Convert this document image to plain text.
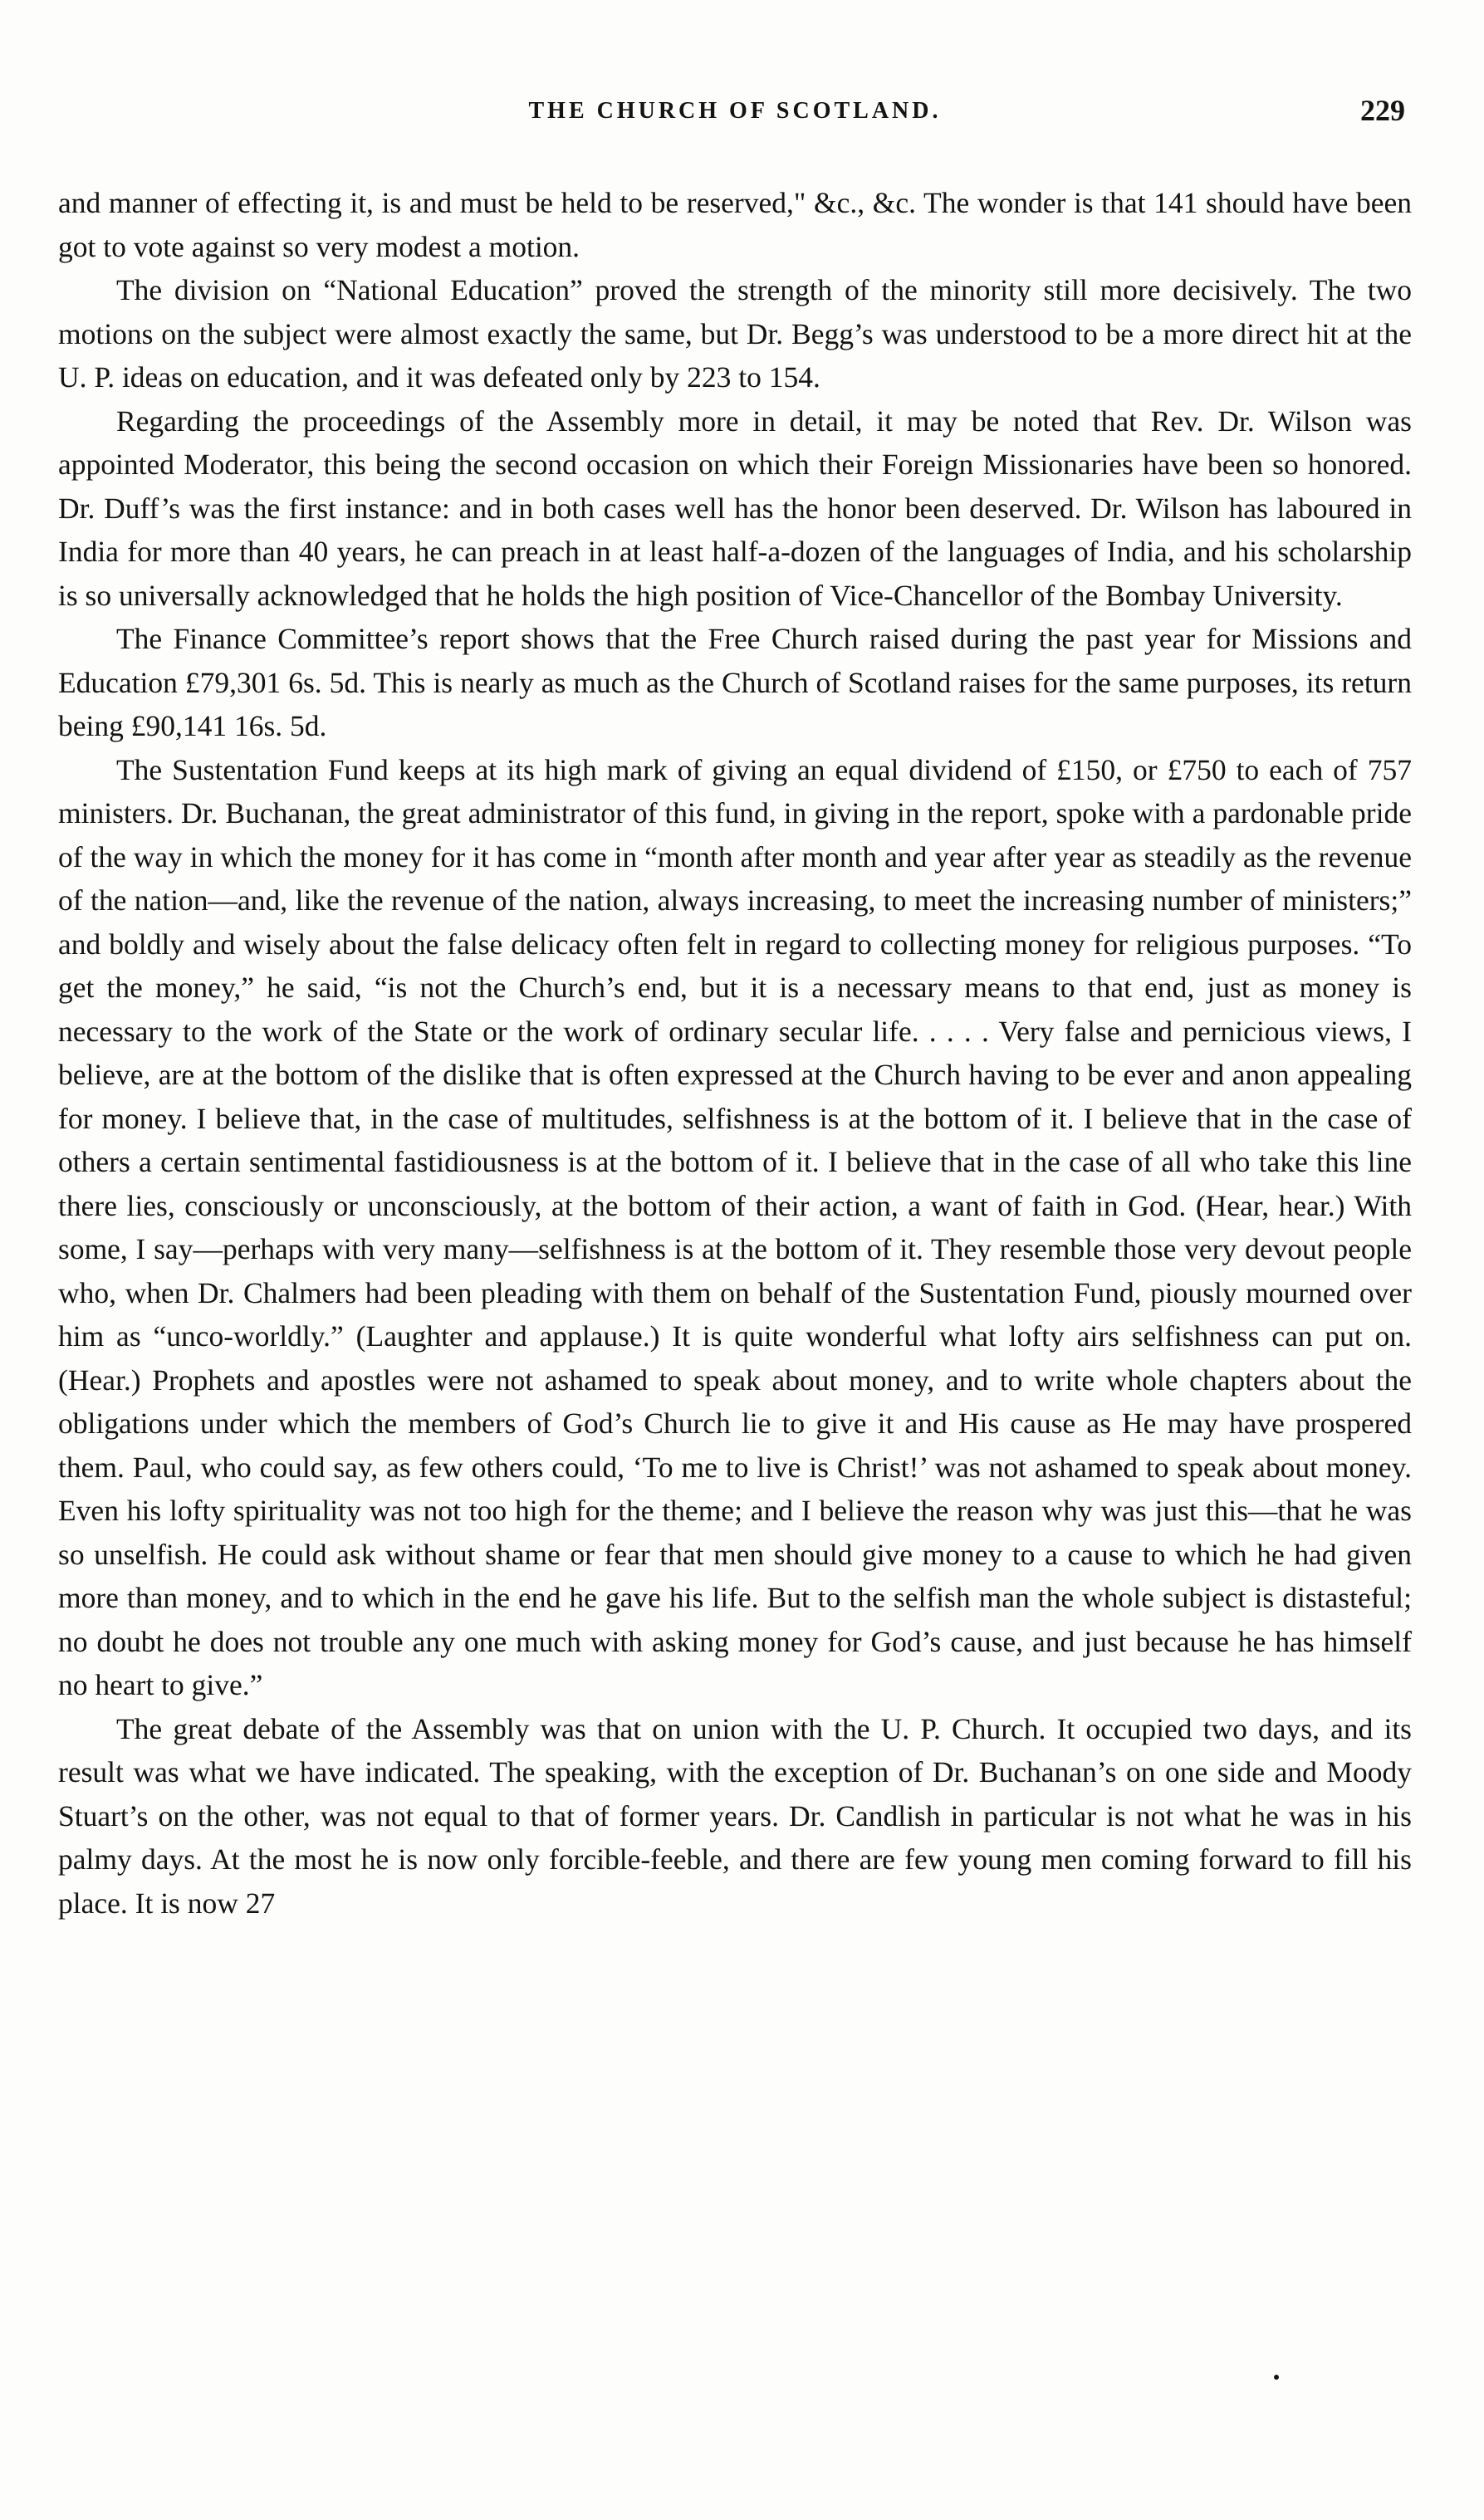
THE CHURCH OF SCOTLAND.	229

and manner of effecting it, is and must be held to be reserved," &c., &c. The wonder is that 141 should have been got to vote against so very modest a motion.

The division on “National Education” proved the strength of the minority still more decisively. The two motions on the subject were almost exactly the same, but Dr. Begg’s was understood to be a more direct hit at the U. P. ideas on education, and it was defeated only by 223 to 154.

Regarding the proceedings of the Assembly more in detail, it may be noted that Rev. Dr. Wilson was appointed Moderator, this being the second occasion on which their Foreign Missionaries have been so honored. Dr. Duff’s was the first instance: and in both cases well has the honor been deserved. Dr. Wilson has laboured in India for more than 40 years, he can preach in at least half-a-dozen of the languages of India, and his scholarship is so universally acknowledged that he holds the high position of Vice-Chancellor of the Bombay University.

The Finance Committee’s report shows that the Free Church raised during the past year for Missions and Education £79,301 6s. 5d. This is nearly as much as the Church of Scotland raises for the same purposes, its return being £90,141 16s. 5d.

The Sustentation Fund keeps at its high mark of giving an equal dividend of £150, or £750 to each of 757 ministers. Dr. Buchanan, the great administrator of this fund, in giving in the report, spoke with a pardonable pride of the way in which the money for it has come in “month after month and year after year as steadily as the revenue of the nation—and, like the revenue of the nation, always increasing, to meet the increasing number of ministers;” and boldly and wisely about the false delicacy often felt in regard to collecting money for religious purposes. “To get the money,” he said, “is not the Church’s end, but it is a necessary means to that end, just as money is necessary to the work of the State or the work of ordinary secular life. . . . . Very false and pernicious views, I believe, are at the bottom of the dislike that is often expressed at the Church having to be ever and anon appealing for money. I believe that, in the case of multitudes, selfishness is at the bottom of it. I believe that in the case of others a certain sentimental fastidiousness is at the bottom of it. I believe that in the case of all who take this line there lies, consciously or unconsciously, at the bottom of their action, a want of faith in God. (Hear, hear.) With some, I say—perhaps with very many—selfishness is at the bottom of it. They resemble those very devout people who, when Dr. Chalmers had been pleading with them on behalf of the Sustentation Fund, piously mourned over him as “unco-worldly.” (Laughter and applause.) It is quite wonderful what lofty airs selfishness can put on. (Hear.) Prophets and apostles were not ashamed to speak about money, and to write whole chapters about the obligations under which the members of God’s Church lie to give it and His cause as He may have prospered them. Paul, who could say, as few others could, ‘To me to live is Christ!’ was not ashamed to speak about money. Even his lofty spirituality was not too high for the theme; and I believe the reason why was just this—that he was so unselfish. He could ask without shame or fear that men should give money to a cause to which he had given more than money, and to which in the end he gave his life. But to the selfish man the whole subject is distasteful; no doubt he does not trouble any one much with asking money for God’s cause, and just because he has himself no heart to give.”

The great debate of the Assembly was that on union with the U. P. Church. It occupied two days, and its result was what we have indicated. The speaking, with the exception of Dr. Buchanan’s on one side and Moody Stuart’s on the other, was not equal to that of former years. Dr. Candlish in particular is not what he was in his palmy days. At the most he is now only forcible-feeble, and there are few young men coming forward to fill his place. It is now 27
